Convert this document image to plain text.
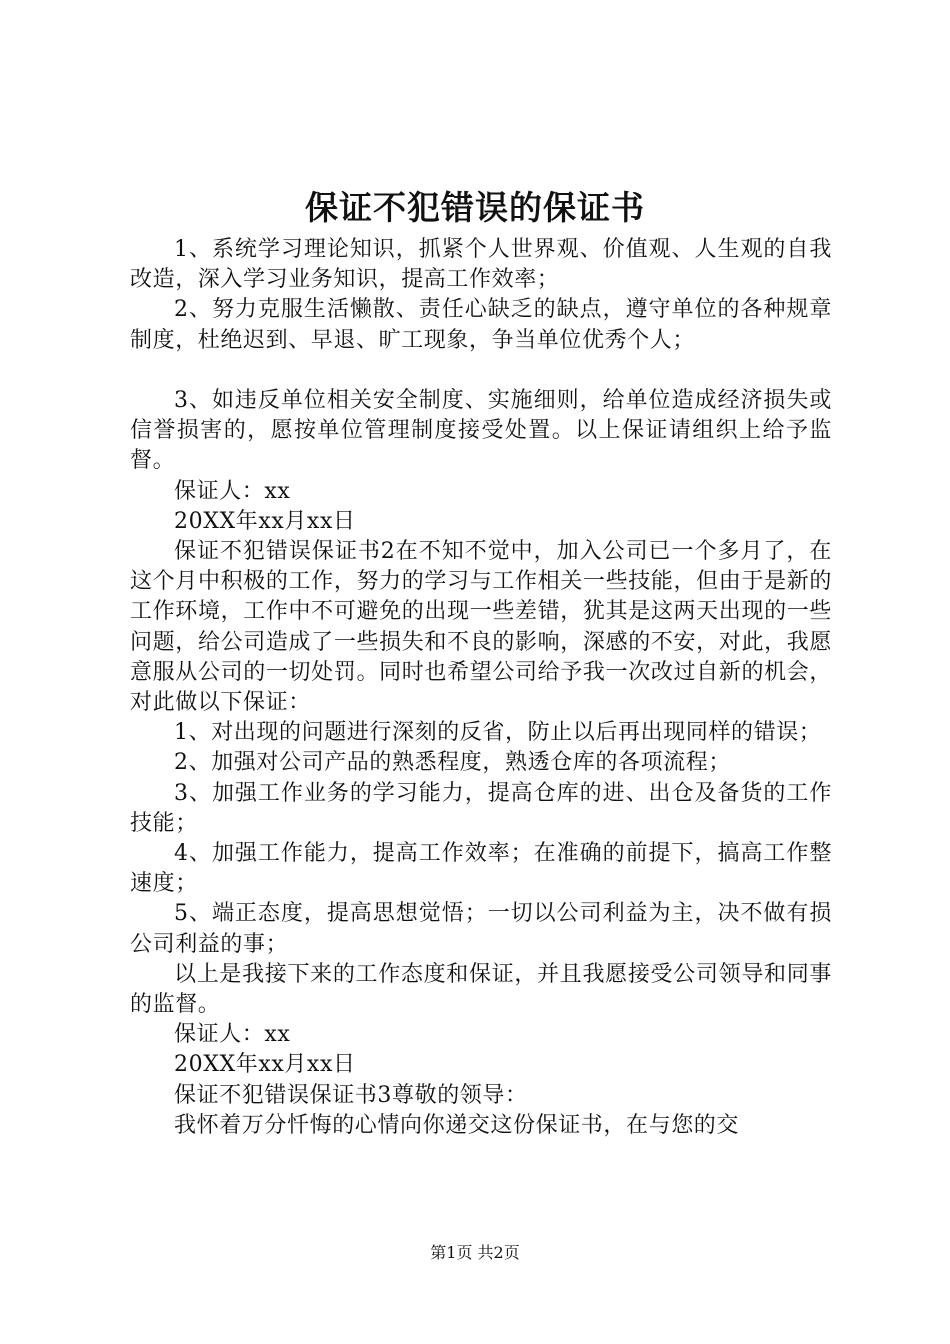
保证不犯错误的保证书

1、系统学习理论知识，抓紧个人世界观、价值观、人生观的自我改造，深入学习业务知识，提高工作效率；

2、努力克服生活懒散、责任心缺乏的缺点，遵守单位的各种规章制度，杜绝迟到、早退、旷工现象，争当单位优秀个人；

3、如违反单位相关安全制度、实施细则，给单位造成经济损失或信誉损害的，愿按单位管理制度接受处置。以上保证请组织上给予监督。

保证人：xx

20XX年xx月xx日

保证不犯错误保证书2在不知不觉中，加入公司已一个多月了，在这个月中积极的工作，努力的学习与工作相关一些技能，但由于是新的工作环境，工作中不可避免的出现一些差错，犹其是这两天出现的一些问题，给公司造成了一些损失和不良的影响，深感的不安，对此，我愿意服从公司的一切处罚。同时也希望公司给予我一次改过自新的机会，对此做以下保证：

1、对出现的问题进行深刻的反省，防止以后再出现同样的错误；

2、加强对公司产品的熟悉程度，熟透仓库的各项流程；

3、加强工作业务的学习能力，提高仓库的进、出仓及备货的工作技能；

4、加强工作能力，提高工作效率；在准确的前提下，搞高工作整速度；

5、端正态度，提高思想觉悟；一切以公司利益为主，决不做有损公司利益的事；

以上是我接下来的工作态度和保证，并且我愿接受公司领导和同事的监督。

保证人：xx

20XX年xx月xx日

保证不犯错误保证书3尊敬的领导：

我怀着万分忏悔的心情向你递交这份保证书，在与您的交

第1页 共2页
